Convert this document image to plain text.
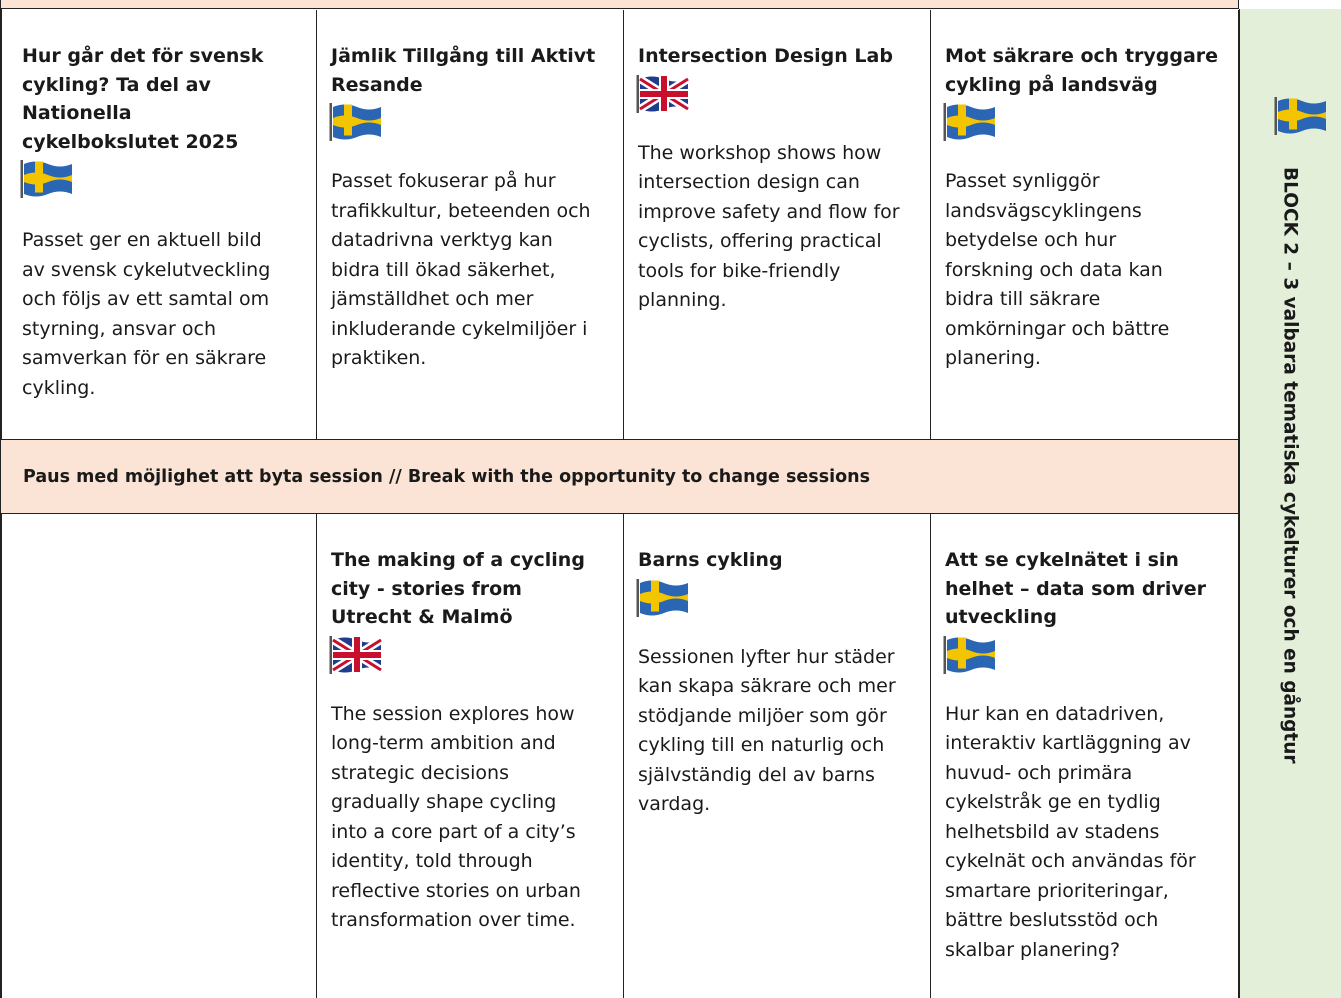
Hur går det för svensk
cykling? Ta del av
Nationella
cykelbokslutet 2025

Passet ger en aktuell bild
av svensk cykelutveckling
och följs av ett samtal om
styrning, ansvar och
samverkan för en säkrare
cykling.

Jämlik Tillgång till Aktivt
Resande

Passet fokuserar på hur
trafikkultur, beteenden och
datadrivna verktyg kan
bidra till ökad säkerhet,
jämställdhet och mer
inkluderande cykelmiljöer i
praktiken.

Intersection Design Lab

The workshop shows how
intersection design can
improve safety and flow for
cyclists, offering practical
tools for bike-friendly
planning.

Mot säkrare och tryggare
cykling på landsväg

Passet synliggör
landsvägscyklingens
betydelse och hur
forskning och data kan
bidra till säkrare
omkörningar och bättre
planering.

Paus med möjlighet att byta session // Break with the opportunity to change sessions

The making of a cycling
city - stories from
Utrecht & Malmö

The session explores how
long-term ambition and
strategic decisions
gradually shape cycling
into a core part of a city’s
identity, told through
reflective stories on urban
transformation over time.

Barns cykling

Sessionen lyfter hur städer
kan skapa säkrare och mer
stödjande miljöer som gör
cykling till en naturlig och
självständig del av barns
vardag.

Att se cykelnätet i sin
helhet – data som driver
utveckling

Hur kan en datadriven,
interaktiv kartläggning av
huvud- och primära
cykelstråk ge en tydlig
helhetsbild av stadens
cykelnät och användas för
smartare prioriteringar,
bättre beslutsstöd och
skalbar planering?

BLOCK 2 – 3 valbara tematiska cykelturer och en gångtur
